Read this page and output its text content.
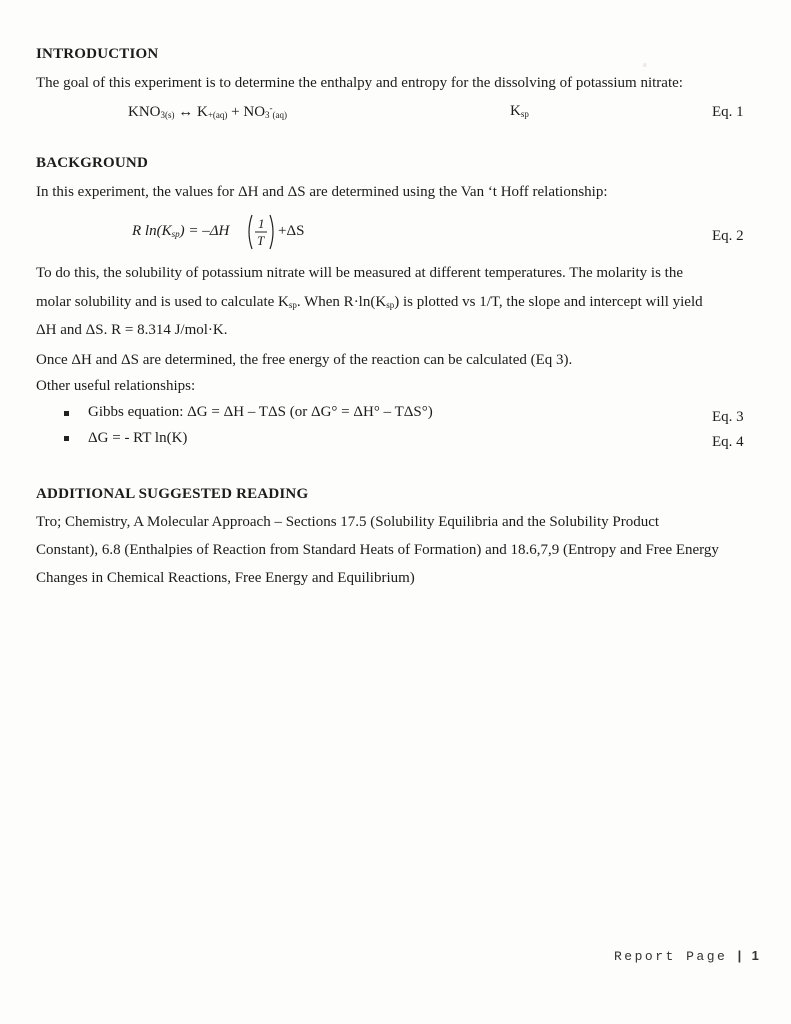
.
INTRODUCTION
The goal of this experiment is to determine the enthalpy and entropy for the dissolving of potassium nitrate:
$KNO_{3(s)}$ ↔ $K_{+(aq)} + NO_3^-_{(aq)}$	$K_{sp}$	Eq. 1
BACKGROUND
In this experiment, the values for ΔH and ΔS are determined using the Van ‘t Hoff relationship:
R $\ln(K_{sp}) = -\Delta H$ 1
T
+ΔS	Eq. 2
To do this, the solubility of potassium nitrate will be measured at different temperatures. The molarity is the
molar solubility and is used to calculate $K_{sp}$. When $R\cdot\ln(K_{sp})$ is plotted vs 1/T, the slope and intercept will yield
ΔH and ΔS. R = 8.314 J/mol·K.
Once ΔH and ΔS are determined, the free energy of the reaction can be calculated (Eq 3).
Other useful relationships:
Gibbs equation: ΔG = ΔH – TΔS (or ΔG° = ΔH° – TΔS°)	Eq. 3
ΔG = - RT ln(K)	Eq. 4
ADDITIONAL SUGGESTED READING
Tro; Chemistry, A Molecular Approach – Sections 17.5 (Solubility Equilibria and the Solubility Product
Constant), 6.8 (Enthalpies of Reaction from Standard Heats of Formation) and 18.6,7,9 (Entropy and Free Energy
Changes in Chemical Reactions, Free Energy and Equilibrium)
Report Page | 1
